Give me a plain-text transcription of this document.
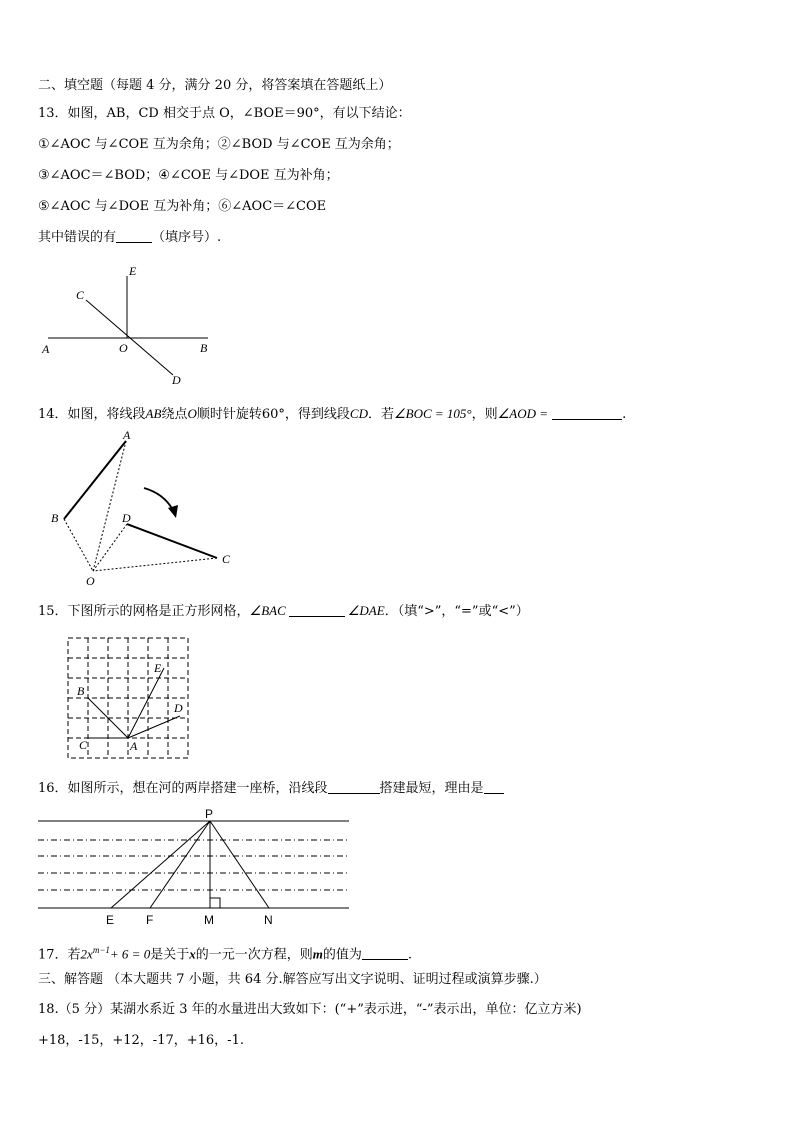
二、填空题（每题 4 分，满分 20 分，将答案填在答题纸上）
13．如图，AB，CD 相交于点 O，∠BOE＝90°，有以下结论：
①∠AOC 与∠COE 互为余角；②∠BOD 与∠COE 互为余角；
③∠AOC＝∠BOD；④∠COE 与∠DOE 互为补角；
⑤∠AOC 与∠DOE 互为补角；⑥∠AOC＝∠COE
其中错误的有	（填序号）.
E
C
A	O	B
D
14．如图，将线段AB绕点O顺时针旋转60°，得到线段CD．若∠BOC = 105°，则∠AOD =	.
A
B	D
C
O
15．下图所示的网格是正方形网格，∠BAC	∠DAE．（填“>”，“=”或“<”）
E
B
D
C	A
16．如图所示，想在河的两岸搭建一座桥，沿线段	搭建最短，理由是
P
E	F	M	N
17．若$2x^{m-1}+ 6 = 0$是关于x的一元一次方程，则m的值为	.
三、解答题 （本大题共 7 小题，共 64 分.解答应写出文字说明、证明过程或演算步骤.）
18.（5 分）某湖水系近 3 年的水量进出大致如下：(“+”表示进，“-”表示出，单位：亿立方米)
+18，-15，+12，-17，+16，-1.
